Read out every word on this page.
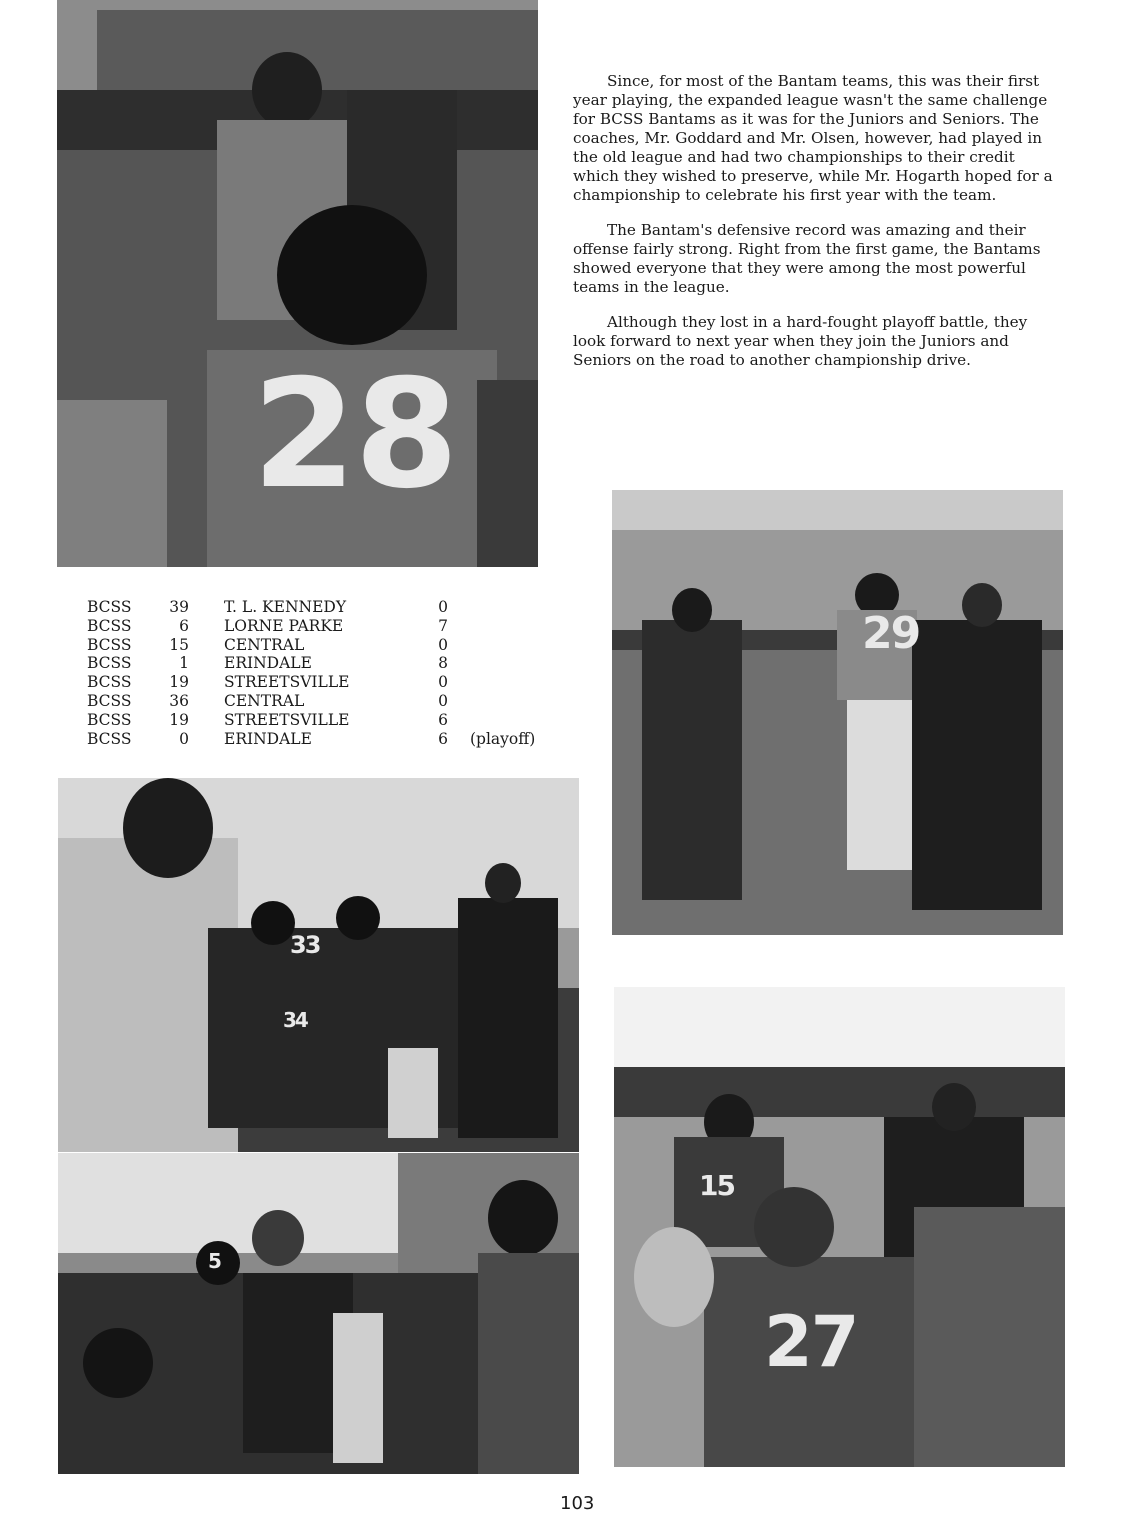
28

Since, for most of the Bantam teams, this was their first year playing, the expanded league wasn't the same challenge for BCSS Bantams as it was for the Juniors and Seniors. The coaches, Mr. Goddard and Mr. Olsen, however, had played in the old league and had two championships to their credit which they wished to preserve, while Mr. Hogarth hoped for a championship to celebrate his first year with the team.

The Bantam's defensive record was amazing and their offense fairly strong. Right from the first game, the Bantams showed everyone that they were among the most powerful teams in the league.

Although they lost in a hard-fought playoff battle, they look forward to next year when they join the Juniors and Seniors on the road to another championship drive.

29
BCSS 39 T. L. KENNEDY	0
BCSS	6 LORNE PARKE	7
BCSS 15 CENTRAL	0
BCSS	1 ERINDALE	8
BCSS 19 STREETSVILLE	0
BCSS 36 CENTRAL	0
BCSS 19 STREETSVILLE	6
BCSS	0 ERINDALE	6 (playoff)
33
34
5
27
15
103
